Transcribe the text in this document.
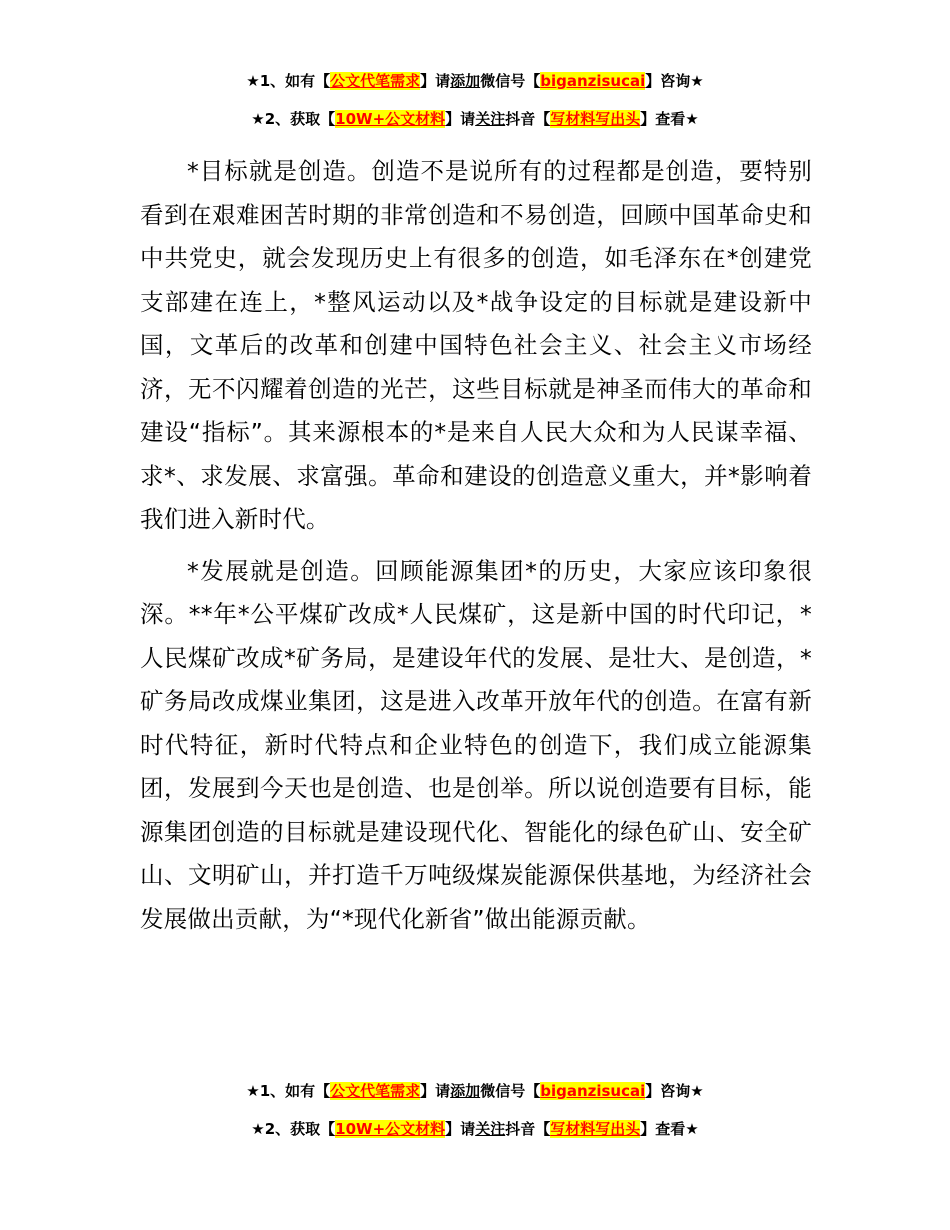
★1、如有【公文代笔需求】请添加微信号【biganzisucai】咨询★
★2、获取【10W+公文材料】请关注抖音【写材料写出头】查看★

*目标就是创造。创造不是说所有的过程都是创造，要特别看到在艰难困苦时期的非常创造和不易创造，回顾中国革命史和中共党史，就会发现历史上有很多的创造，如毛泽东在*创建党支部建在连上，*整风运动以及*战争设定的目标就是建设新中国，文革后的改革和创建中国特色社会主义、社会主义市场经济，无不闪耀着创造的光芒，这些目标就是神圣而伟大的革命和建设“指标”。其来源根本的*是来自人民大众和为人民谋幸福、求*、求发展、求富强。革命和建设的创造意义重大，并*影响着我们进入新时代。

*发展就是创造。回顾能源集团*的历史，大家应该印象很深。**年*公平煤矿改成*人民煤矿，这是新中国的时代印记，*人民煤矿改成*矿务局，是建设年代的发展、是壮大、是创造，*矿务局改成煤业集团，这是进入改革开放年代的创造。在富有新时代特征，新时代特点和企业特色的创造下，我们成立能源集团，发展到今天也是创造、也是创举。所以说创造要有目标，能源集团创造的目标就是建设现代化、智能化的绿色矿山、安全矿山、文明矿山，并打造千万吨级煤炭能源保供基地，为经济社会发展做出贡献，为“*现代化新省”做出能源贡献。

★1、如有【公文代笔需求】请添加微信号【biganzisucai】咨询★
★2、获取【10W+公文材料】请关注抖音【写材料写出头】查看★
